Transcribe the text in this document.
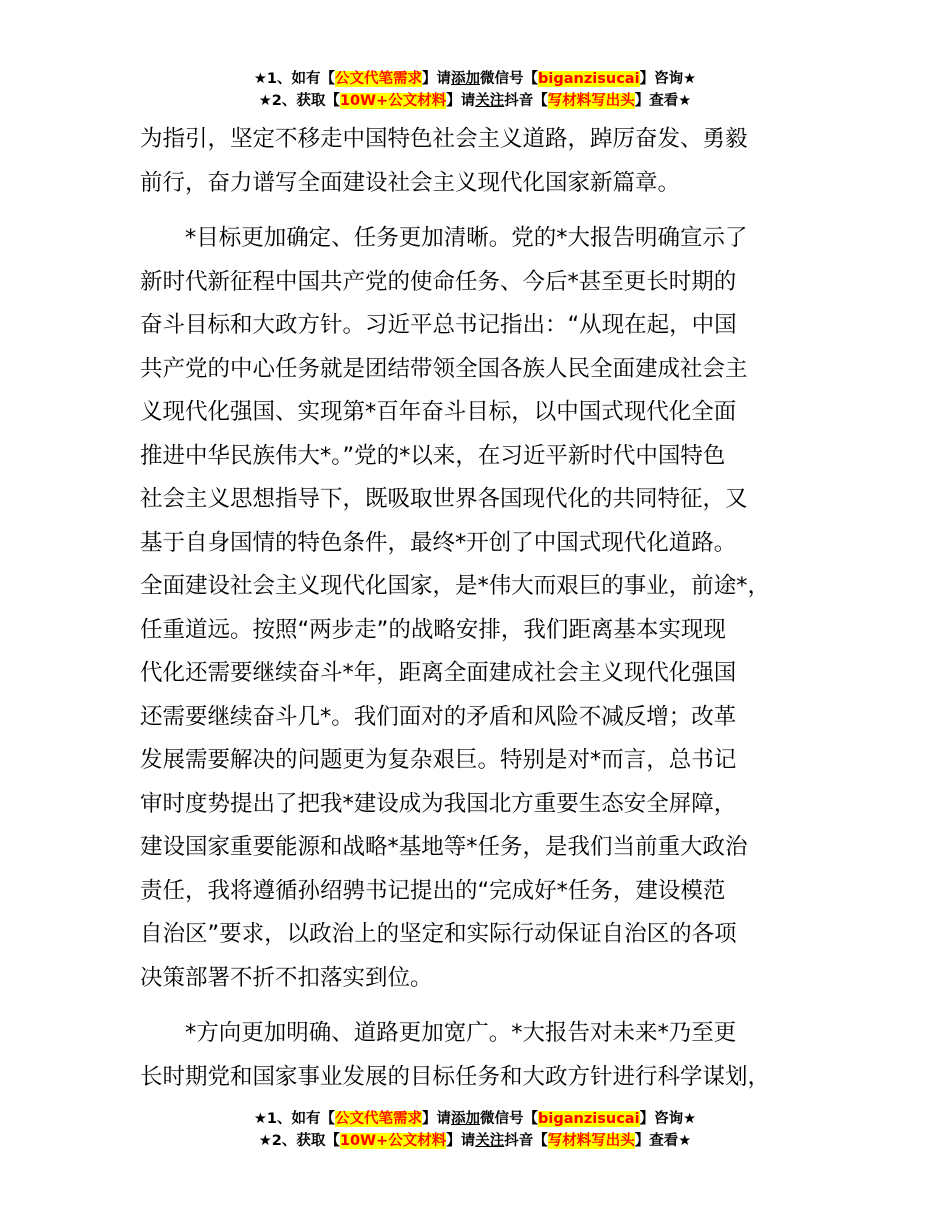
★1、如有【公文代笔需求】请添加微信号【biganzisucai】咨询★
★2、获取【10W+公文材料】请关注抖音【写材料写出头】查看★
为指引，坚定不移走中国特色社会主义道路，踔厉奋发、勇毅
前行，奋力谱写全面建设社会主义现代化国家新篇章。
　　*目标更加确定、任务更加清晰。党的*大报告明确宣示了
新时代新征程中国共产党的使命任务、今后*甚至更长时期的
奋斗目标和大政方针。习近平总书记指出：“从现在起，中国
共产党的中心任务就是团结带领全国各族人民全面建成社会主
义现代化强国、实现第*百年奋斗目标，以中国式现代化全面
推进中华民族伟大*。”党的*以来，在习近平新时代中国特色
社会主义思想指导下，既吸取世界各国现代化的共同特征，又
基于自身国情的特色条件，最终*开创了中国式现代化道路。
全面建设社会主义现代化国家，是*伟大而艰巨的事业，前途*，
任重道远。按照“两步走”的战略安排，我们距离基本实现现
代化还需要继续奋斗*年，距离全面建成社会主义现代化强国
还需要继续奋斗几*。我们面对的矛盾和风险不减反增；改革
发展需要解决的问题更为复杂艰巨。特别是对*而言，总书记
审时度势提出了把我*建设成为我国北方重要生态安全屏障，
建设国家重要能源和战略*基地等*任务，是我们当前重大政治
责任，我将遵循孙绍骋书记提出的“完成好*任务，建设模范
自治区”要求，以政治上的坚定和实际行动保证自治区的各项
决策部署不折不扣落实到位。
　　*方向更加明确、道路更加宽广。*大报告对未来*乃至更
长时期党和国家事业发展的目标任务和大政方针进行科学谋划，
★1、如有【公文代笔需求】请添加微信号【biganzisucai】咨询★
★2、获取【10W+公文材料】请关注抖音【写材料写出头】查看★
